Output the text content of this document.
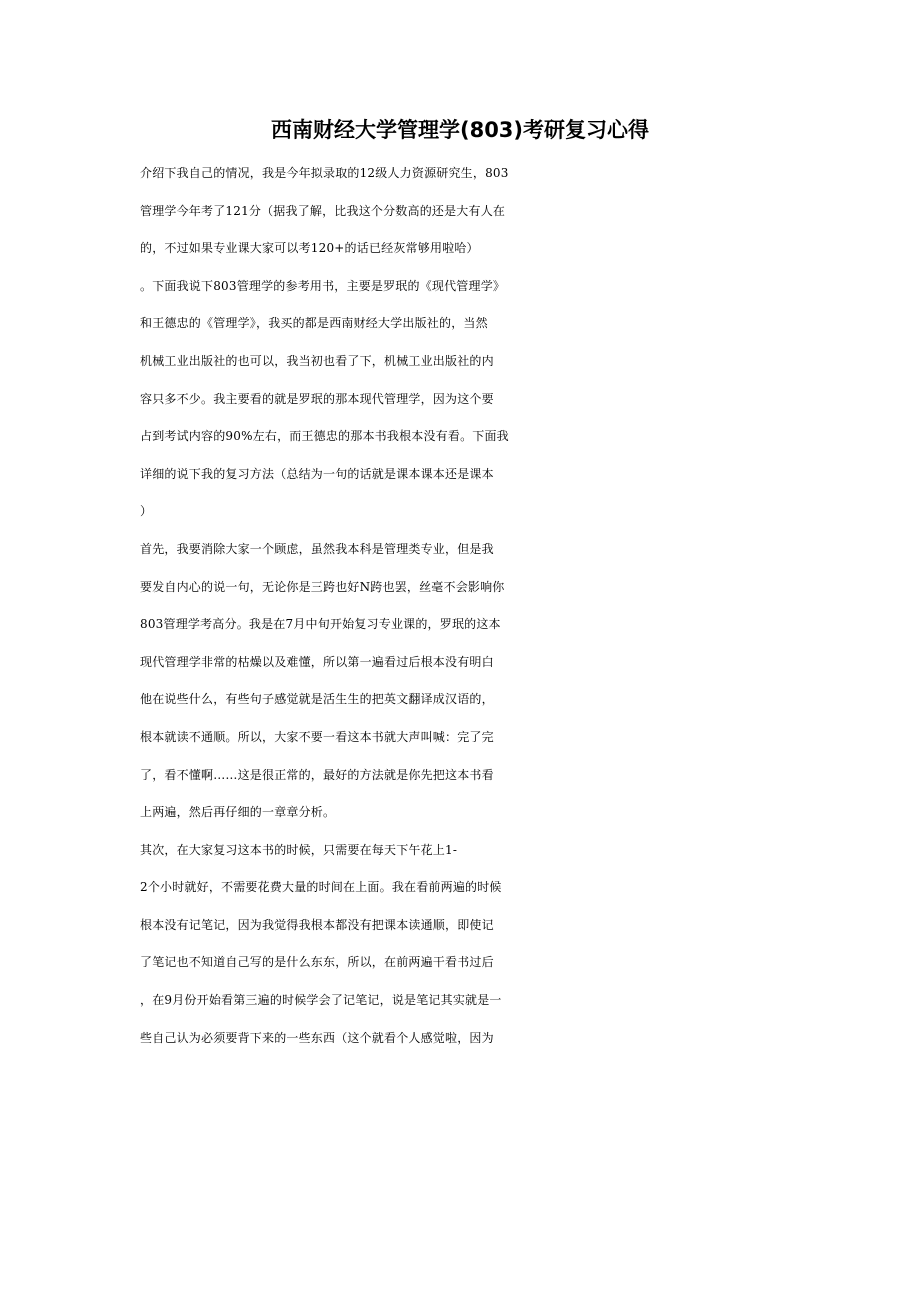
西南财经大学管理学(803)考研复习心得
介绍下我自己的情况，我是今年拟录取的12级人力资源研究生，803
管理学今年考了121分（据我了解，比我这个分数高的还是大有人在
的，不过如果专业课大家可以考120+的话已经灰常够用啦哈）
。下面我说下803管理学的参考用书，主要是罗珉的《现代管理学》
和王德忠的《管理学》，我买的都是西南财经大学出版社的，当然
机械工业出版社的也可以，我当初也看了下，机械工业出版社的内
容只多不少。我主要看的就是罗珉的那本现代管理学，因为这个要
占到考试内容的90%左右，而王德忠的那本书我根本没有看。下面我
详细的说下我的复习方法（总结为一句的话就是课本课本还是课本
）
首先，我要消除大家一个顾虑，虽然我本科是管理类专业，但是我
要发自内心的说一句，无论你是三跨也好N跨也罢，丝毫不会影响你
803管理学考高分。我是在7月中旬开始复习专业课的，罗珉的这本
现代管理学非常的枯燥以及难懂，所以第一遍看过后根本没有明白
他在说些什么，有些句子感觉就是活生生的把英文翻译成汉语的，
根本就读不通顺。所以，大家不要一看这本书就大声叫喊：完了完
了，看不懂啊……这是很正常的，最好的方法就是你先把这本书看
上两遍，然后再仔细的一章章分析。
其次，在大家复习这本书的时候，只需要在每天下午花上1-
2个小时就好，不需要花费大量的时间在上面。我在看前两遍的时候
根本没有记笔记，因为我觉得我根本都没有把课本读通顺，即使记
了笔记也不知道自己写的是什么东东，所以，在前两遍干看书过后
，在9月份开始看第三遍的时候学会了记笔记，说是笔记其实就是一
些自己认为必须要背下来的一些东西（这个就看个人感觉啦，因为
